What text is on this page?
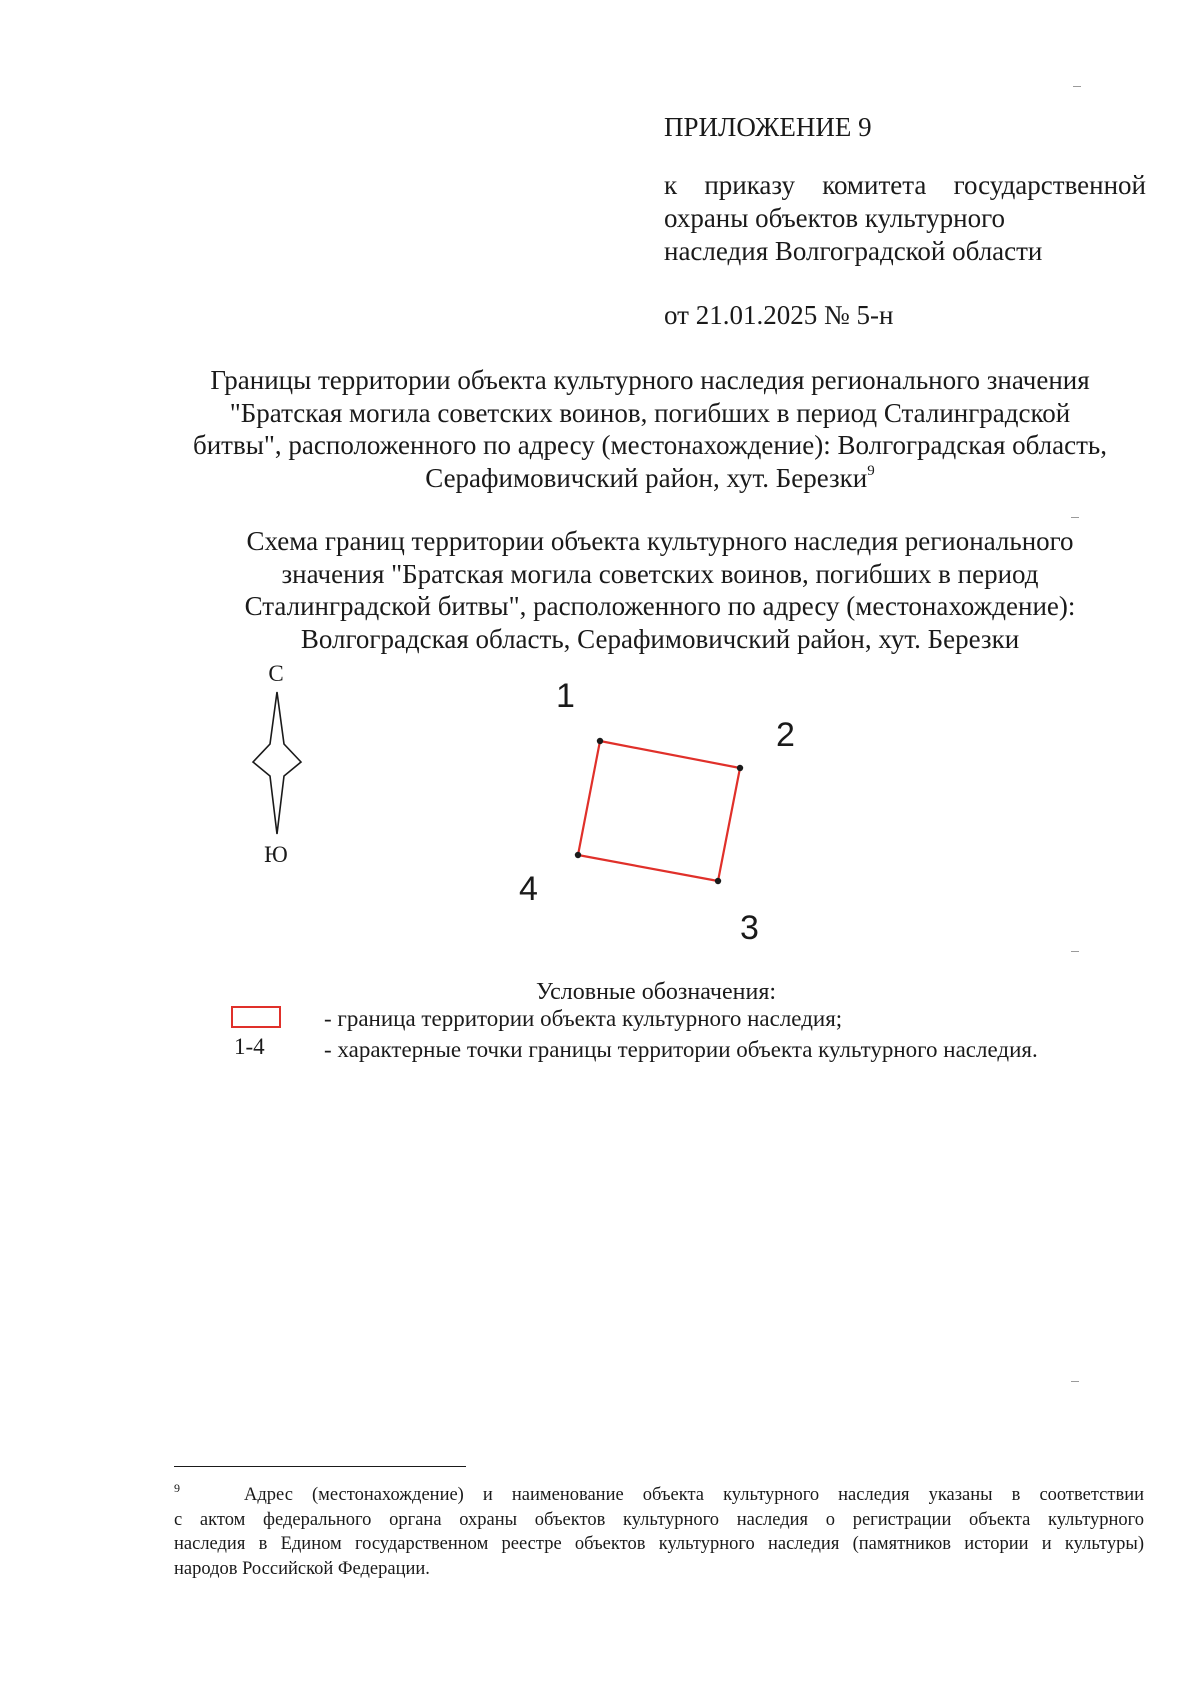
ПРИЛОЖЕНИЕ 9
к приказу комитета государственной
охраны объектов культурного
наследия Волгоградской области
от 21.01.2025 № 5-н
Границы территории объекта культурного наследия регионального значения
"Братская могила советских воинов, погибших в период Сталинградской
битвы", расположенного по адресу (местонахождение): Волгоградская область,
Серафимовичский район, хут. Березки$^9$
Схема границ территории объекта культурного наследия регионального
значения "Братская могила советских воинов, погибших в период
Сталинградской битвы", расположенного по адресу (местонахождение):
Волгоградская область, Серафимовичский район, хут. Березки
С
Ю
1
2
3
4
Условные обозначения:
- граница территории объекта культурного наследия;
1-4	- характерные точки границы территории объекта культурного наследия.
$^9$	Адрес (местонахождение) и наименование объекта культурного наследия указаны в соответствии
с актом федерального органа охраны объектов культурного наследия о регистрации объекта культурного
наследия в Едином государственном реестре объектов культурного наследия (памятников истории и культуры)
народов Российской Федерации.
